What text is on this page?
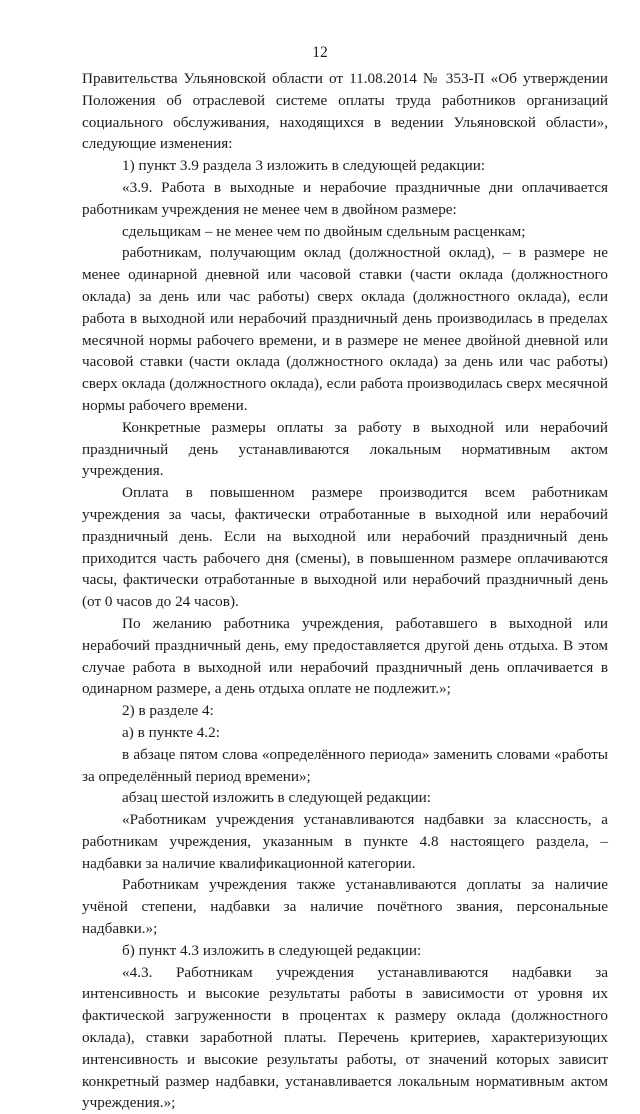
12

Правительства Ульяновской области от 11.08.2014 № 353-П «Об утверждении Положения об отраслевой системе оплаты труда работников организаций социального обслуживания, находящихся в ведении Ульяновской области», следующие изменения:

1) пункт 3.9 раздела 3 изложить в следующей редакции:

«3.9. Работа в выходные и нерабочие праздничные дни оплачивается работникам учреждения не менее чем в двойном размере:

сдельщикам – не менее чем по двойным сдельным расценкам;

работникам, получающим оклад (должностной оклад), – в размере не менее одинарной дневной или часовой ставки (части оклада (должностного оклада) за день или час работы) сверх оклада (должностного оклада), если работа в выходной или нерабочий праздничный день производилась в пределах месячной нормы рабочего времени, и в размере не менее двойной дневной или часовой ставки (части оклада (должностного оклада) за день или час работы) сверх оклада (должностного оклада), если работа производилась сверх месячной нормы рабочего времени.

Конкретные размеры оплаты за работу в выходной или нерабочий праздничный день устанавливаются локальным нормативным актом учреждения.

Оплата в повышенном размере производится всем работникам учреждения за часы, фактически отработанные в выходной или нерабочий праздничный день. Если на выходной или нерабочий праздничный день приходится часть рабочего дня (смены), в повышенном размере оплачиваются часы, фактически отработанные в выходной или нерабочий праздничный день (от 0 часов до 24 часов).

По желанию работника учреждения, работавшего в выходной или нерабочий праздничный день, ему предоставляется другой день отдыха. В этом случае работа в выходной или нерабочий праздничный день оплачивается в одинарном размере, а день отдыха оплате не подлежит.»;

2) в разделе 4:

а) в пункте 4.2:

в абзаце пятом слова «определённого периода» заменить словами «работы за определённый период времени»;

абзац шестой изложить в следующей редакции:

«Работникам учреждения устанавливаются надбавки за классность, а работникам учреждения, указанным в пункте 4.8 настоящего раздела, – надбавки за наличие квалификационной категории.

Работникам учреждения также устанавливаются доплаты за наличие учёной степени, надбавки за наличие почётного звания, персональные надбавки.»;

б) пункт 4.3 изложить в следующей редакции:

«4.3. Работникам учреждения устанавливаются надбавки за интенсивность и высокие результаты работы в зависимости от уровня их фактической загруженности в процентах к размеру оклада (должностного оклада), ставки заработной платы. Перечень критериев, характеризующих интенсивность и высокие результаты работы, от значений которых зависит конкретный размер надбавки, устанавливается локальным нормативным актом учреждения.»;
